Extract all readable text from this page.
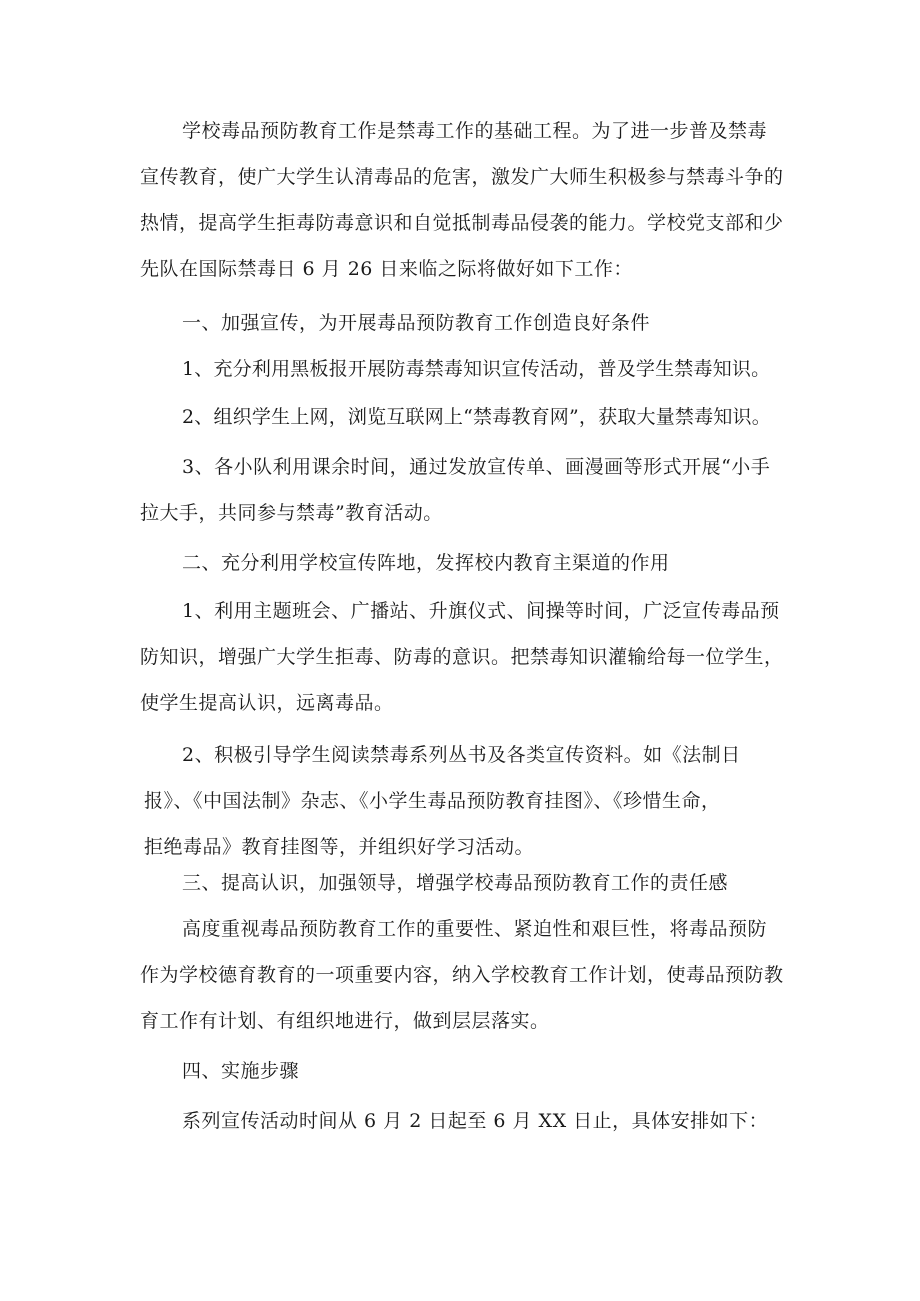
学校毒品预防教育工作是禁毒工作的基础工程。为了进一步普及禁毒
宣传教育，使广大学生认清毒品的危害，激发广大师生积极参与禁毒斗争的
热情，提高学生拒毒防毒意识和自觉抵制毒品侵袭的能力。学校党支部和少
先队在国际禁毒日 6 月 26 日来临之际将做好如下工作：
一、加强宣传，为开展毒品预防教育工作创造良好条件
1、充分利用黑板报开展防毒禁毒知识宣传活动，普及学生禁毒知识。
2、组织学生上网，浏览互联网上“禁毒教育网”，获取大量禁毒知识。
3、各小队利用课余时间，通过发放宣传单、画漫画等形式开展“小手
拉大手，共同参与禁毒”教育活动。
二、充分利用学校宣传阵地，发挥校内教育主渠道的作用
1、利用主题班会、广播站、升旗仪式、间操等时间，广泛宣传毒品预
防知识，增强广大学生拒毒、防毒的意识。把禁毒知识灌输给每一位学生，
使学生提高认识，远离毒品。
2、积极引导学生阅读禁毒系列丛书及各类宣传资料。如《法制日
报》、《中国法制》杂志、《小学生毒品预防教育挂图》、《珍惜生命，
拒绝毒品》教育挂图等，并组织好学习活动。
三、提高认识，加强领导，增强学校毒品预防教育工作的责任感
高度重视毒品预防教育工作的重要性、紧迫性和艰巨性，将毒品预防
作为学校德育教育的一项重要内容，纳入学校教育工作计划，使毒品预防教
育工作有计划、有组织地进行，做到层层落实。
四、实施步骤
系列宣传活动时间从 6 月 2 日起至 6 月 XX 日止，具体安排如下：
